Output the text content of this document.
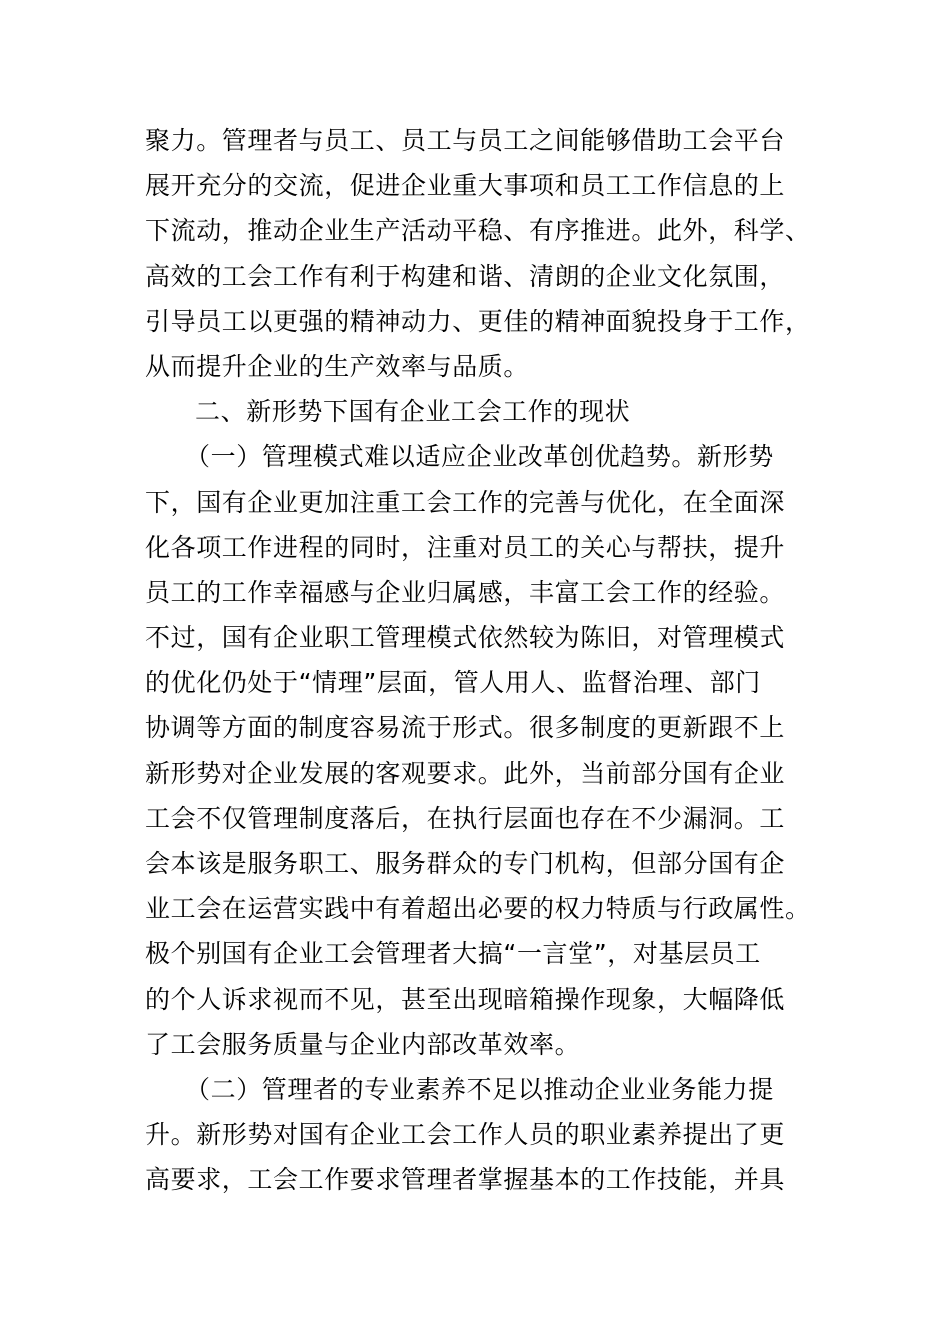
聚力。管理者与员工、员工与员工之间能够借助工会平台
展开充分的交流，促进企业重大事项和员工工作信息的上
下流动，推动企业生产活动平稳、有序推进。此外，科学、
高效的工会工作有利于构建和谐、清朗的企业文化氛围，
引导员工以更强的精神动力、更佳的精神面貌投身于工作，
从而提升企业的生产效率与品质。
二、新形势下国有企业工会工作的现状
（一）管理模式难以适应企业改革创优趋势。新形势
下，国有企业更加注重工会工作的完善与优化，在全面深
化各项工作进程的同时，注重对员工的关心与帮扶，提升
员工的工作幸福感与企业归属感，丰富工会工作的经验。
不过，国有企业职工管理模式依然较为陈旧，对管理模式
的优化仍处于“情理”层面，管人用人、监督治理、部门
协调等方面的制度容易流于形式。很多制度的更新跟不上
新形势对企业发展的客观要求。此外，当前部分国有企业
工会不仅管理制度落后，在执行层面也存在不少漏洞。工
会本该是服务职工、服务群众的专门机构，但部分国有企
业工会在运营实践中有着超出必要的权力特质与行政属性。
极个别国有企业工会管理者大搞“一言堂”，对基层员工
的个人诉求视而不见，甚至出现暗箱操作现象，大幅降低
了工会服务质量与企业内部改革效率。
（二）管理者的专业素养不足以推动企业业务能力提
升。新形势对国有企业工会工作人员的职业素养提出了更
高要求，工会工作要求管理者掌握基本的工作技能，并具
